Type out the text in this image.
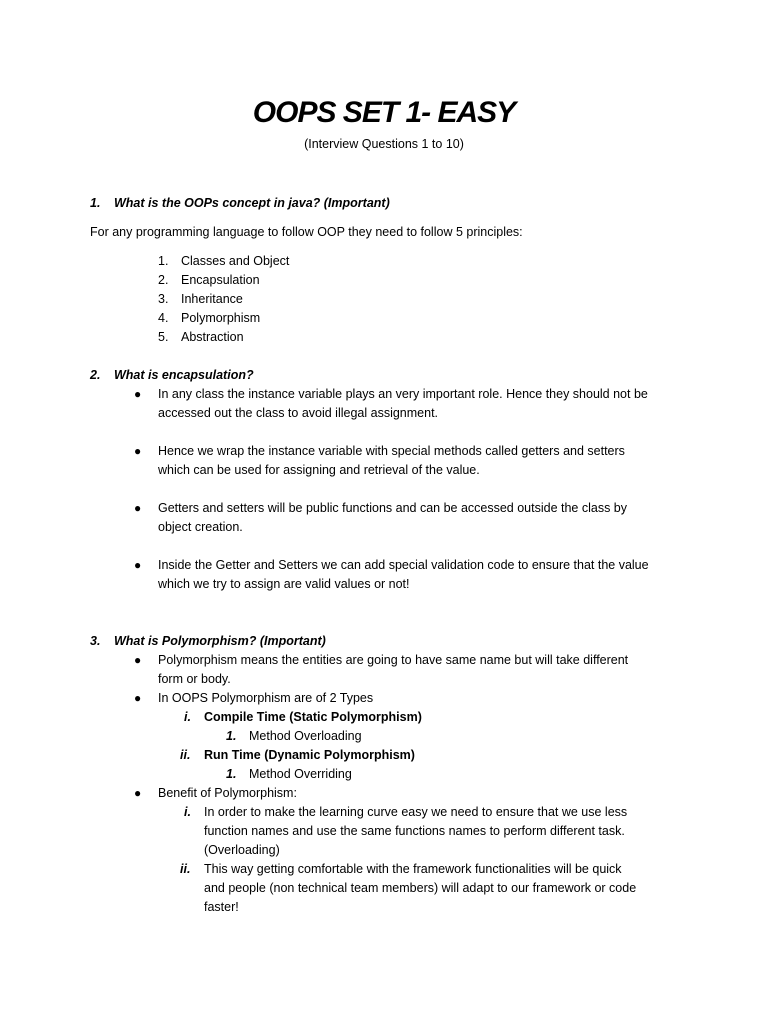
OOPS SET 1- EASY
(Interview Questions 1 to 10)
1. What is the OOPs concept in java? (Important)
For any programming language to follow OOP they need to follow 5 principles:
1. Classes and Object
2. Encapsulation
3. Inheritance
4. Polymorphism
5. Abstraction
2. What is encapsulation?
● In any class the instance variable plays an very important role. Hence they should not be
accessed out the class to avoid illegal assignment.
● Hence we wrap the instance variable with special methods called getters and setters
which can be used for assigning and retrieval of the value.
● Getters and setters will be public functions and can be accessed outside the class by
object creation.
● Inside the Getter and Setters we can add special validation code to ensure that the value
which we try to assign are valid values or not!
3. What is Polymorphism? (Important)
● Polymorphism means the entities are going to have same name but will take different
form or body.
● In OOPS Polymorphism are of 2 Types
i. Compile Time (Static Polymorphism)
1. Method Overloading
ii. Run Time (Dynamic Polymorphism)
1. Method Overriding
● Benefit of Polymorphism:
i. In order to make the learning curve easy we need to ensure that we use less
function names and use the same functions names to perform different task.
(Overloading)
ii. This way getting comfortable with the framework functionalities will be quick
and people (non technical team members) will adapt to our framework or code
faster!
